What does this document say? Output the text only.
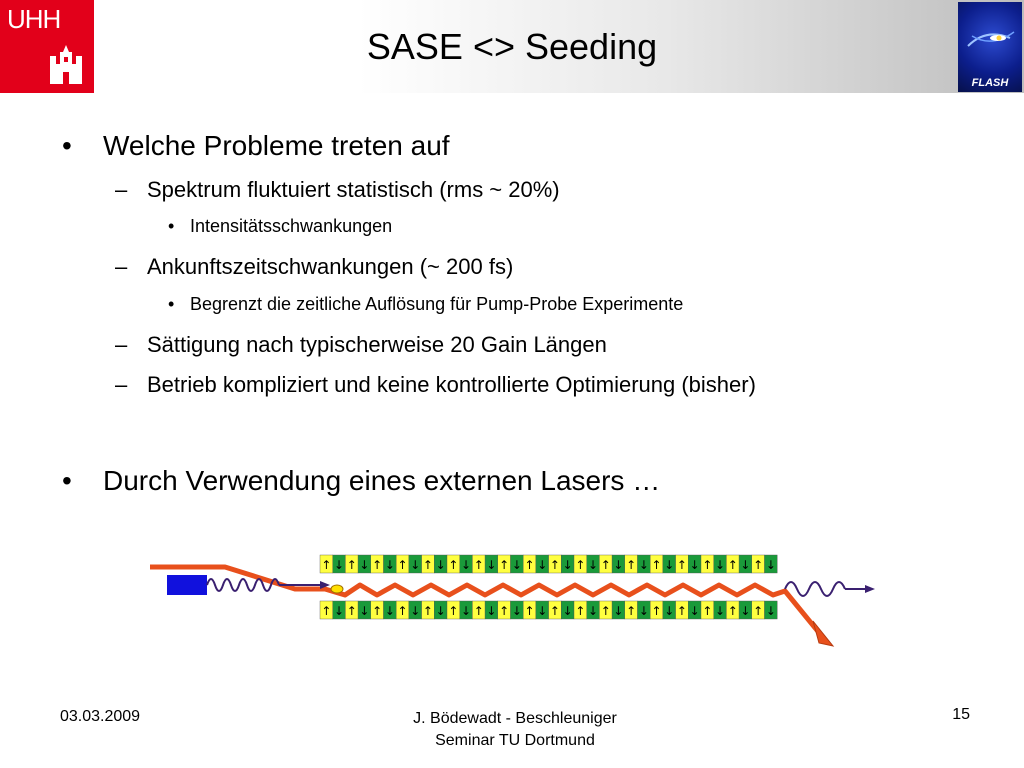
UHH
SASE <> Seeding
FLASH
• Welche Probleme treten auf
– Spektrum fluktuiert statistisch (rms ~ 20%)
• Intensitätsschwankungen
– Ankunftszeitschwankungen (~ 200 fs)
• Begrenzt die zeitliche Auflösung für Pump-Probe Experimente
– Sättigung nach typischerweise 20 Gain Längen
– Betrieb kompliziert und keine kontrollierte Optimierung (bisher)
• Durch Verwendung eines externen Lasers …
↑ ↓ ↑ ↓ ↑ ↓ ↑ ↓ ↑ ↓ ↑ ↓ ↑ ↓ ↑ ↓ ↑ ↓ ↑ ↓ ↑ ↓ ↑ ↓ ↑ ↓ ↑ ↓ ↑ ↓ ↑ ↓ ↑ ↓ ↑ ↓
↑ ↓ ↑ ↓ ↑ ↓ ↑ ↓ ↑ ↓ ↑ ↓ ↑ ↓ ↑ ↓ ↑ ↓ ↑ ↓ ↑ ↓ ↑ ↓ ↑ ↓ ↑ ↓ ↑ ↓ ↑ ↓ ↑ ↓ ↑ ↓
03.03.2009	J. Bödewadt - Beschleuniger
Seminar TU Dortmund
15
